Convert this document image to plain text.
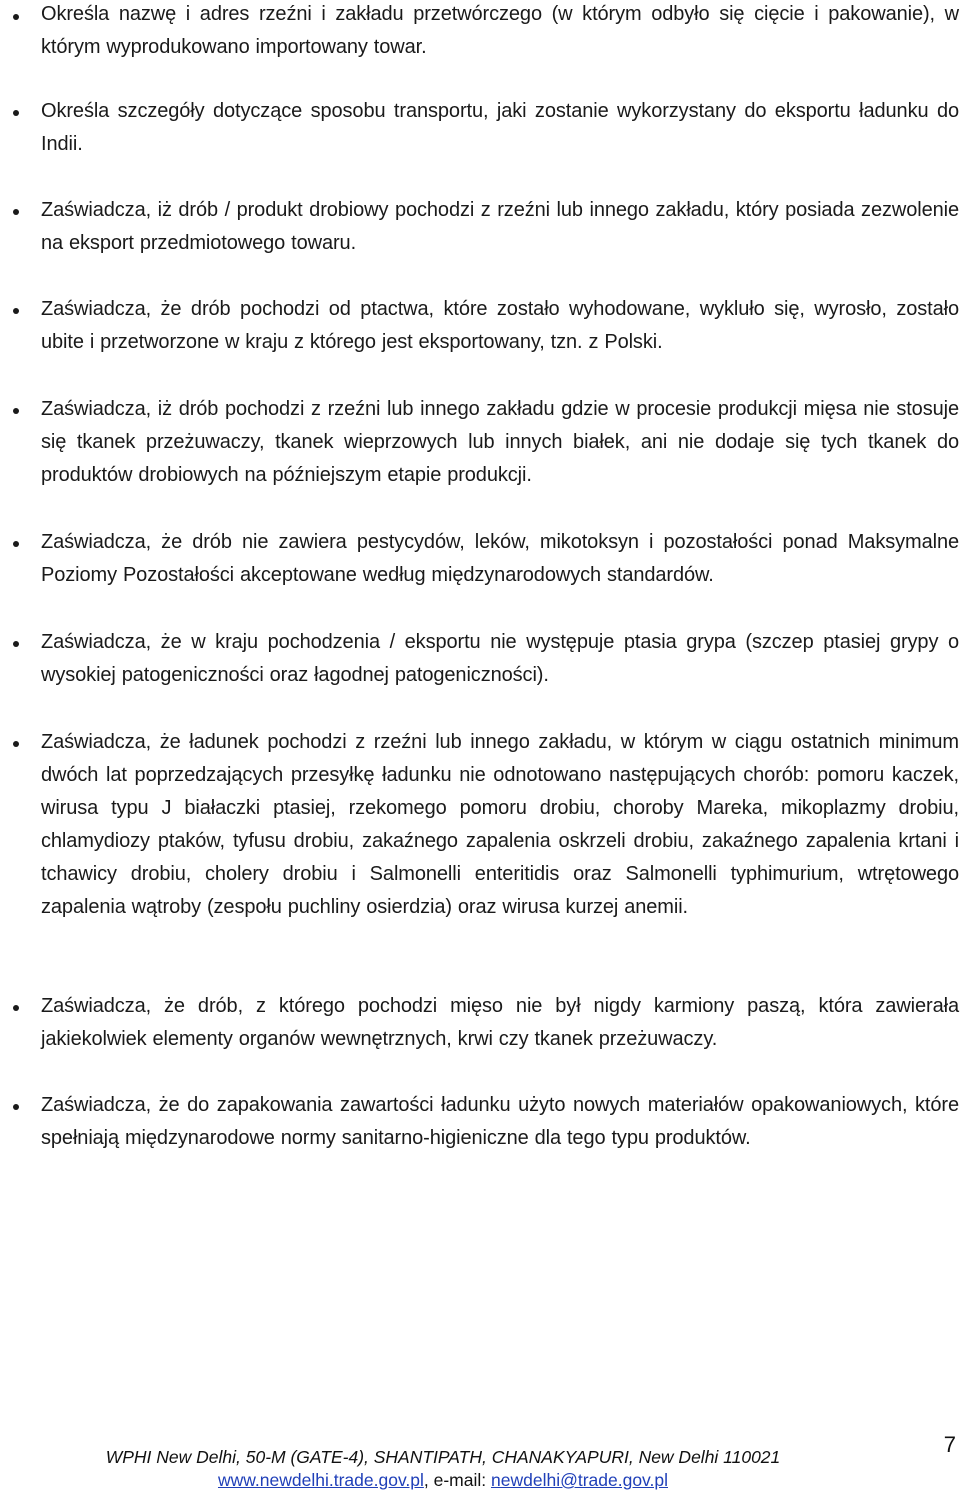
Określa nazwę i adres rzeźni i zakładu przetwórczego (w którym odbyło się cięcie i pakowanie), w którym wyprodukowano importowany towar.

Określa szczegóły dotyczące sposobu transportu, jaki zostanie wykorzystany do eksportu ładunku do Indii.

Zaświadcza, iż drób / produkt drobiowy pochodzi z rzeźni lub innego zakładu, który posiada zezwolenie na eksport przedmiotowego towaru.

Zaświadcza, że drób pochodzi od ptactwa, które zostało wyhodowane, wykluło się, wyrosło, zostało ubite i przetworzone w kraju z którego jest eksportowany, tzn. z Polski.

Zaświadcza, iż drób pochodzi z rzeźni lub innego zakładu gdzie w procesie produkcji mięsa nie stosuje się tkanek przeżuwaczy, tkanek wieprzowych lub innych białek, ani nie dodaje się tych tkanek do produktów drobiowych na późniejszym etapie produkcji.

Zaświadcza, że drób nie zawiera pestycydów, leków, mikotoksyn i pozostałości ponad Maksymalne Poziomy Pozostałości akceptowane według międzynarodowych standardów.

Zaświadcza, że w kraju pochodzenia / eksportu nie występuje ptasia grypa (szczep ptasiej grypy o wysokiej patogeniczności oraz łagodnej patogeniczności).

Zaświadcza, że ładunek pochodzi z rzeźni lub innego zakładu, w którym w ciągu ostatnich minimum dwóch lat poprzedzających przesyłkę ładunku nie odnotowano następujących chorób: pomoru kaczek, wirusa typu J białaczki ptasiej, rzekomego pomoru drobiu, choroby Mareka, mikoplazmy drobiu, chlamydiozy ptaków, tyfusu drobiu, zakaźnego zapalenia oskrzeli drobiu, zakaźnego zapalenia krtani i tchawicy drobiu, cholery drobiu i Salmonelli enteritidis oraz Salmonelli typhimurium, wtrętowego zapalenia wątroby (zespołu puchliny osierdzia) oraz wirusa kurzej anemii.

Zaświadcza, że drób, z którego pochodzi mięso nie był nigdy karmiony paszą, która zawierała jakiekolwiek elementy organów wewnętrznych, krwi czy tkanek przeżuwaczy.

Zaświadcza, że do zapakowania zawartości ładunku użyto nowych materiałów opakowaniowych, które spełniają międzynarodowe normy sanitarno-higieniczne dla tego typu produktów.

WPHI New Delhi, 50-M (GATE-4), SHANTIPATH, CHANAKYAPURI, New Delhi 110021
www.newdelhi.trade.gov.pl, e-mail: newdelhi@trade.gov.pl
7
